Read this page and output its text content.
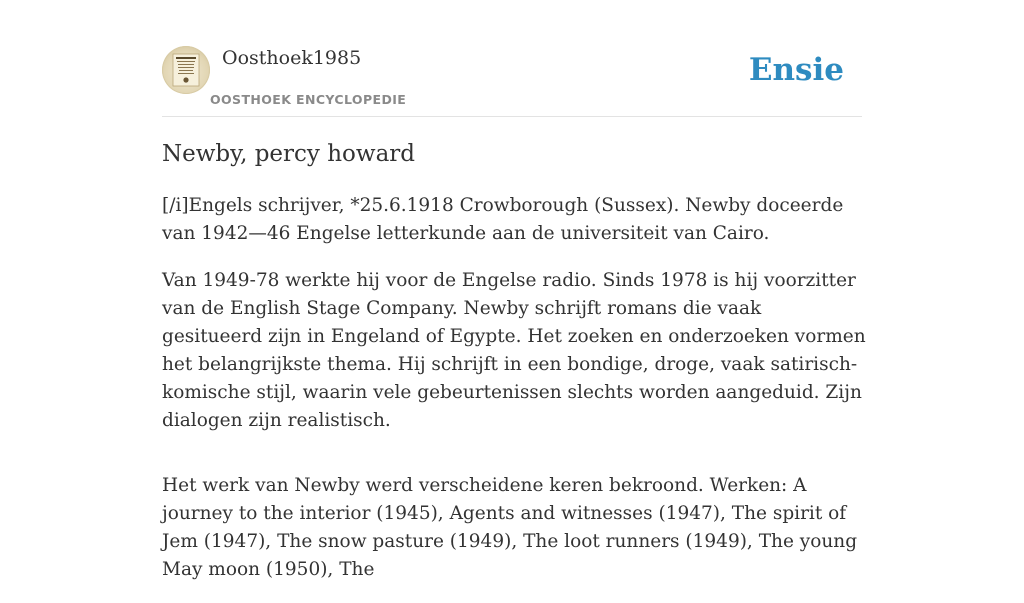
Oosthoek1985
OOSTHOEK ENCYCLOPEDIE
Ensie
Newby, percy howard

[/i]Engels schrijver, *25.6.1918 Crowborough (Sussex). Newby doceerde van 1942—46 Engelse letterkunde aan de universiteit van Cairo.

Van 1949-78 werkte hij voor de Engelse radio. Sinds 1978 is hij voorzitter van de English Stage Company. Newby schrijft romans die vaak gesitueerd zijn in Engeland of Egypte. Het zoeken en onderzoeken vormen het belangrijkste thema. Hij schrijft in een bondige, droge, vaak satirisch-komische stijl, waarin vele gebeurtenissen slechts worden aangeduid. Zijn dialogen zijn realistisch.

Het werk van Newby werd verscheidene keren bekroond. Werken: A journey to the interior (1945), Agents and witnesses (1947), The spirit of Jem (1947), The snow pasture (1949), The loot runners (1949), The young May moon (1950), The
